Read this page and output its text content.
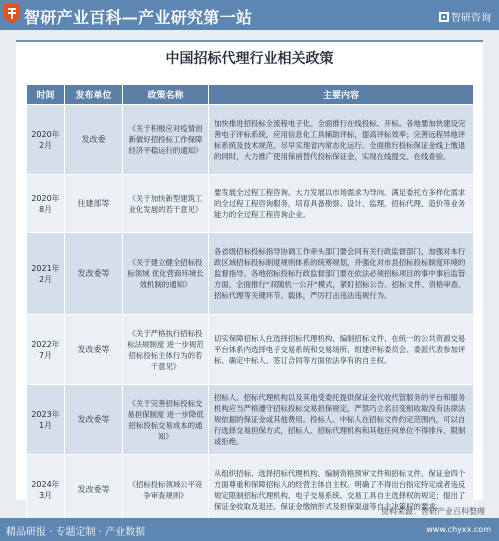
智研产业百科—产业研究第一站	智研咨询
中国招标代理行业相关政策
时间	发布单位	政策名称	主要内容

2020年
2月	发改委	《关于积极应对疫情创新做好招投标工作保障经济平稳运行的通知》	加快推进招投标全流程电子化。全面推行在线投标、开标。各地要加快建设完善电子评标系统，应用信息化工具辅助评标，提高评标效率；完善远程异地评标系统及技术规范，尽早实现省内常态化运行。全面推行投标保证金线上缴退的同时，大力推广使用保函替代投标保证金，实现在线提交、在线查验。

2020年
8月	住建部等	《关于加快新型建筑工业化发展的若干意见》	要发展全过程工程咨询。大力发展以市场需求为导向、满足委托方多样化需求的全过程工程咨询服务，培育具备勘察、设计、监理、招标代理、造价等业务能力的全过程工程咨询企业。

2021年
2月	发改委等	《关于建立健全招标投标领域 优化营商环境长效机制的通知》	各省级招标投标指导协调工作牵头部门要会同有关行政监督部门，加强对本行政区域招标投标制度规则体系的统筹规划，并强化对市县招标投标制度环境的监督指导。各地招标投标行政监督部门要在依法必须招标项目的事中事后监管方面，全面推行“双随机一公开”模式，紧盯招标公告、招标文件、资格审查、招标代理等关键环节、载体，严厉打击违法违规行为。

2022年
7月	发改委等	《关于严格执行招标投标法规制度 进一步规范招标投标主体行为的若干意见》	切实保障招标人在选择招标代理机构、编制招标文件、在统一的公共资源交易平台体系内选择电子交易系统和交易场所、组建评标委员会、委派代表参加评标、确定中标人、签订合同等方面依法享有的自主权。

2023年
1月	发改委等	《关于完善招标投标交易担保制度 进一步降低招标投标交易成本的通知》	招标人、招标代理机构以及其他受委托提供保证金代收代管服务的平台和服务机构应当严格遵守招标投标交易担保规定，严禁巧立名目变相收取没有法律法规依据的保证金或其他费用。投标人、中标人在招标文件约定范围内，可以自行选择交易担保方式，招标人、招标代理机构和其他任何单位不得排斥、限制或拒绝。

2024年
3月	发改委等	《招标投标领域公平竞争审查规则》	从组织招标、选择招标代理机构、编制资格预审文件和招标文件、保证金四个方面尊重和保障招标人的经营主体自主权。明确了不得出台指定特定或者违反规定限制招标代理机构、电子交易系统、交易工具自主选择权的规定；提出了保证金收取及退还、保证金缴纳形式及担保渠道等自主决策权的要求。
资料来源：智研产业百科整理
精品研报 · 专题定制 · 产业数据	www.chyxx.com
